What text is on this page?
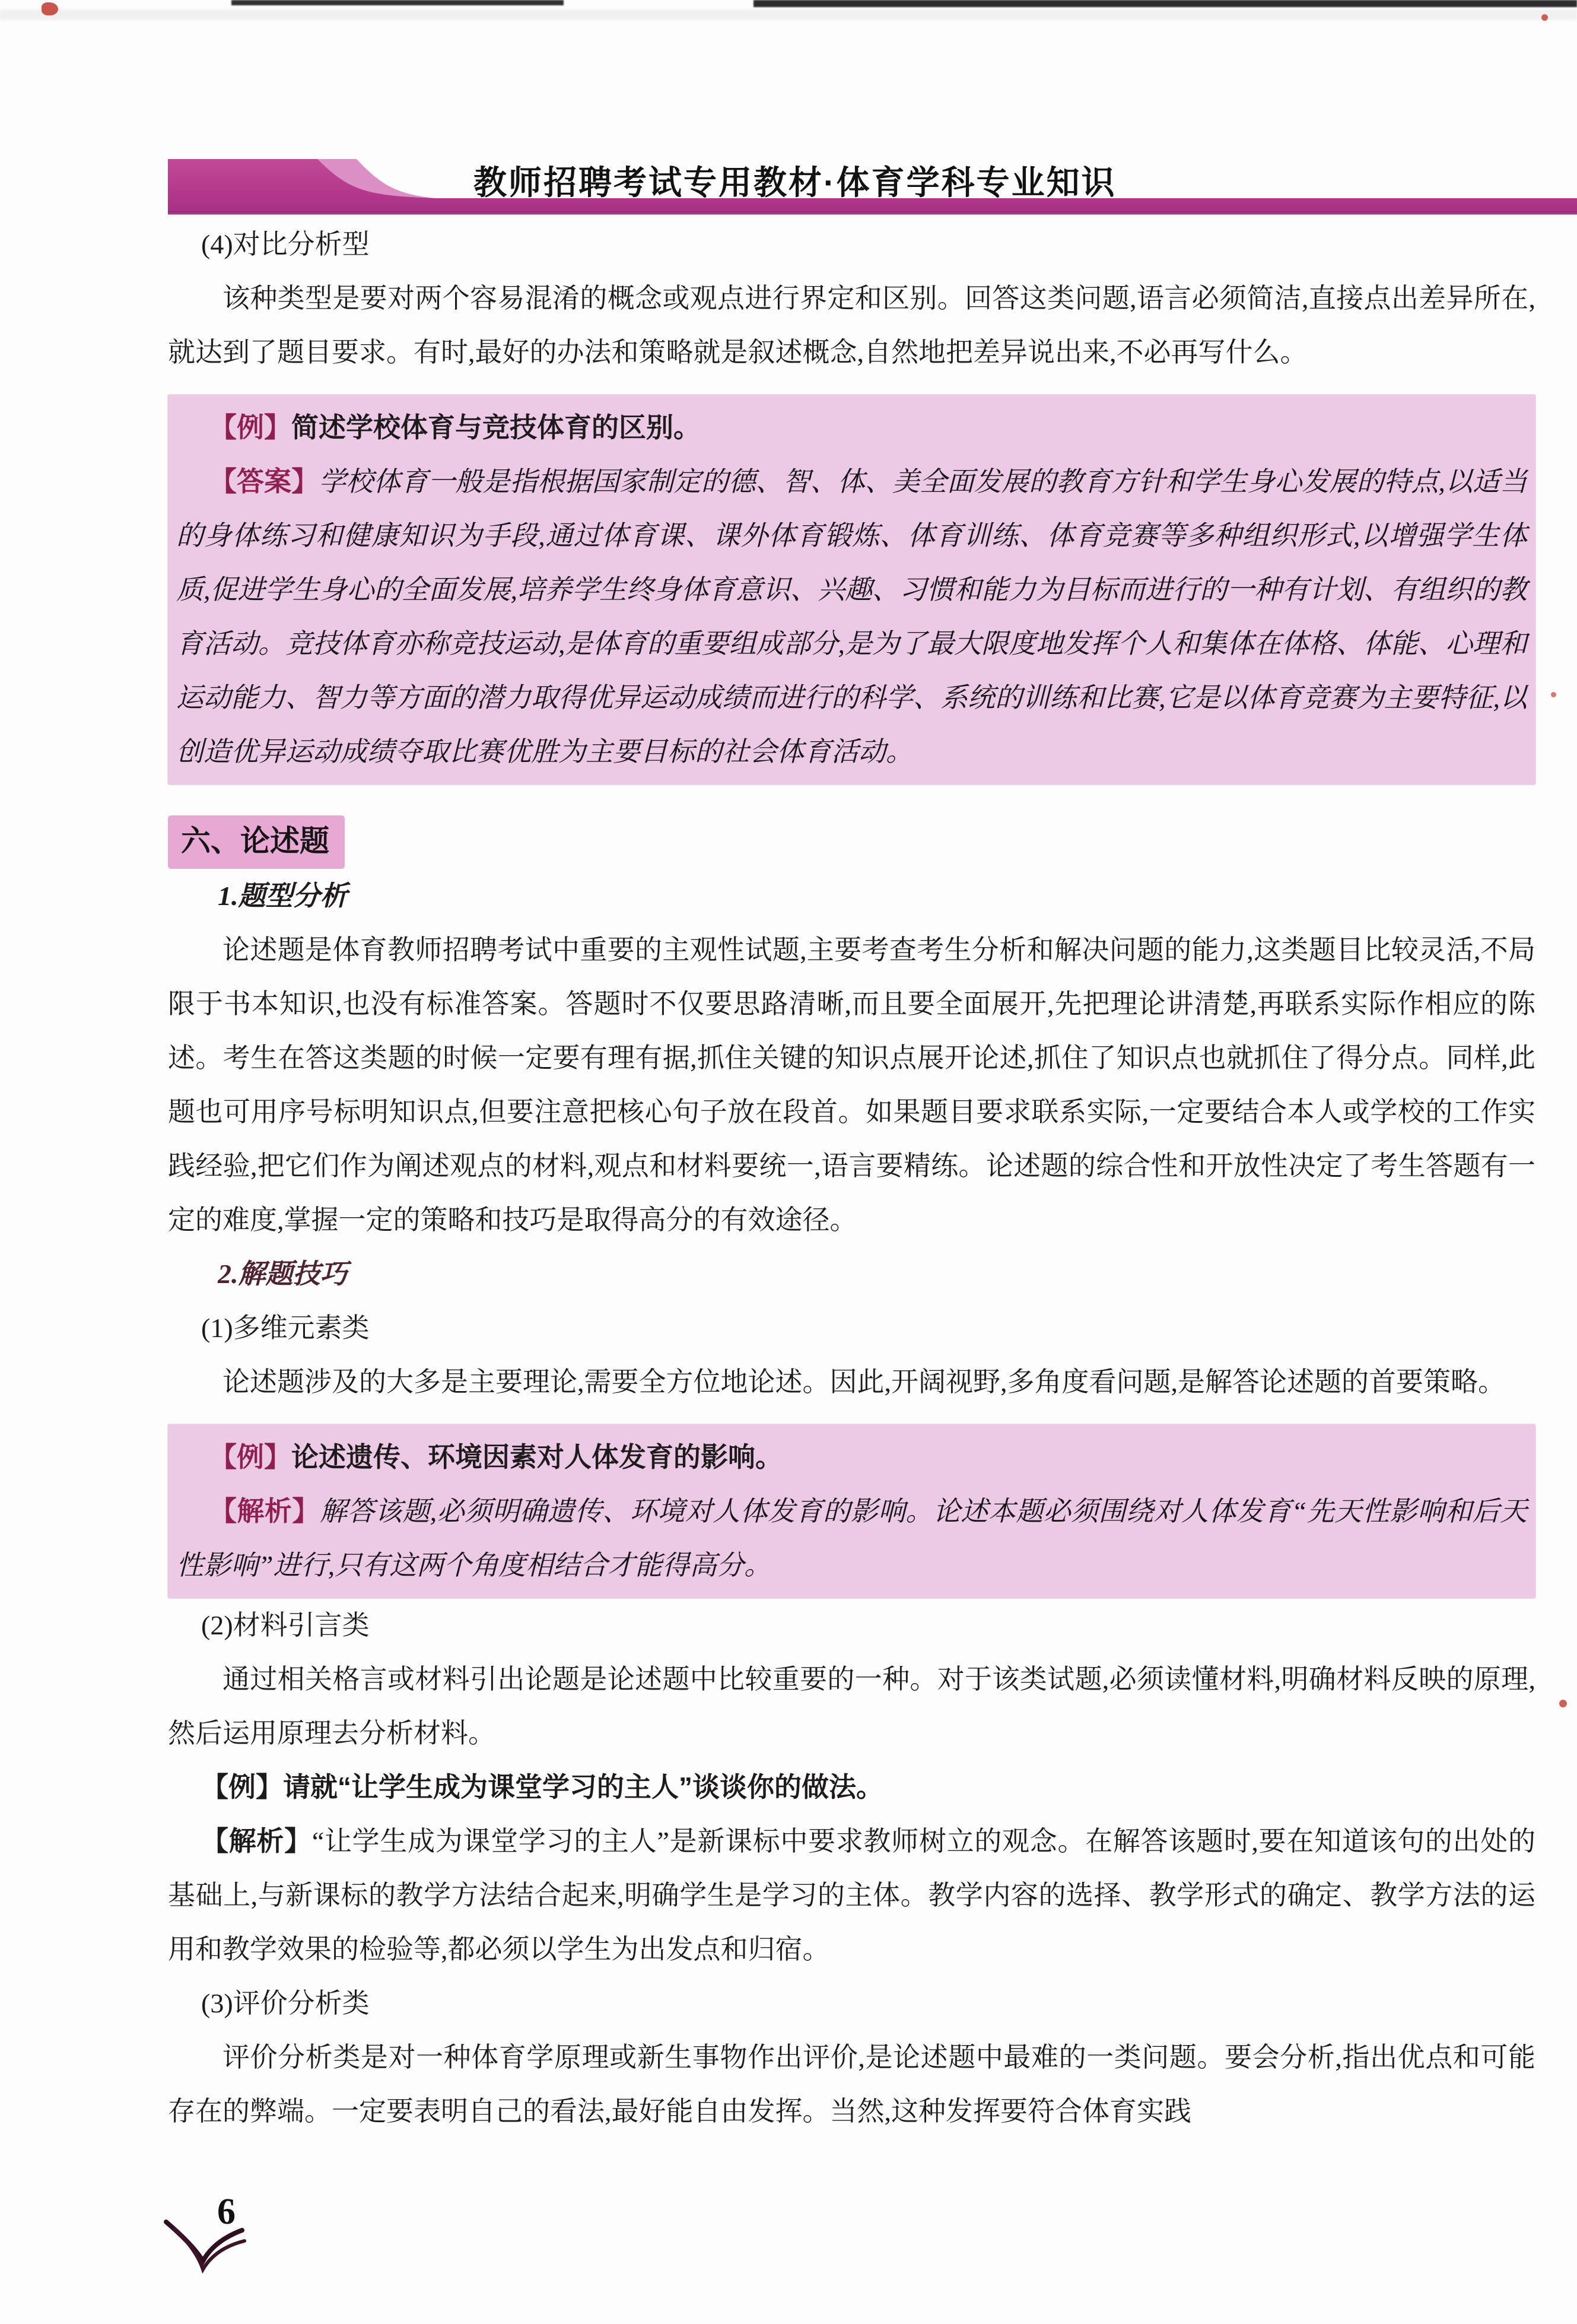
教师招聘考试专用教材·体育学科专业知识

(4)对比分析型

该种类型是要对两个容易混淆的概念或观点进行界定和区别。回答这类问题,语言必须简洁,直接点出差异所在,就达到了题目要求。有时,最好的办法和策略就是叙述概念,自然地把差异说出来,不必再写什么。

【例】简述学校体育与竞技体育的区别。

【答案】学校体育一般是指根据国家制定的德、智、体、美全面发展的教育方针和学生身心发展的特点,以适当的身体练习和健康知识为手段,通过体育课、课外体育锻炼、体育训练、体育竞赛等多种组织形式,以增强学生体质,促进学生身心的全面发展,培养学生终身体育意识、兴趣、习惯和能力为目标而进行的一种有计划、有组织的教育活动。竞技体育亦称竞技运动,是体育的重要组成部分,是为了最大限度地发挥个人和集体在体格、体能、心理和运动能力、智力等方面的潜力取得优异运动成绩而进行的科学、系统的训练和比赛,它是以体育竞赛为主要特征,以创造优异运动成绩夺取比赛优胜为主要目标的社会体育活动。

六、论述题

1.题型分析

论述题是体育教师招聘考试中重要的主观性试题,主要考查考生分析和解决问题的能力,这类题目比较灵活,不局限于书本知识,也没有标准答案。答题时不仅要思路清晰,而且要全面展开,先把理论讲清楚,再联系实际作相应的陈述。考生在答这类题的时候一定要有理有据,抓住关键的知识点展开论述,抓住了知识点也就抓住了得分点。同样,此题也可用序号标明知识点,但要注意把核心句子放在段首。如果题目要求联系实际,一定要结合本人或学校的工作实践经验,把它们作为阐述观点的材料,观点和材料要统一,语言要精练。论述题的综合性和开放性决定了考生答题有一定的难度,掌握一定的策略和技巧是取得高分的有效途径。

2.解题技巧

(1)多维元素类

论述题涉及的大多是主要理论,需要全方位地论述。因此,开阔视野,多角度看问题,是解答论述题的首要策略。

【例】论述遗传、环境因素对人体发育的影响。

【解析】解答该题,必须明确遗传、环境对人体发育的影响。论述本题必须围绕对人体发育“先天性影响和后天性影响”进行,只有这两个角度相结合才能得高分。

(2)材料引言类

通过相关格言或材料引出论题是论述题中比较重要的一种。对于该类试题,必须读懂材料,明确材料反映的原理,然后运用原理去分析材料。

【例】请就“让学生成为课堂学习的主人”谈谈你的做法。

【解析】“让学生成为课堂学习的主人”是新课标中要求教师树立的观念。在解答该题时,要在知道该句的出处的基础上,与新课标的教学方法结合起来,明确学生是学习的主体。教学内容的选择、教学形式的确定、教学方法的运用和教学效果的检验等,都必须以学生为出发点和归宿。

(3)评价分析类

评价分析类是对一种体育学原理或新生事物作出评价,是论述题中最难的一类问题。要会分析,指出优点和可能存在的弊端。一定要表明自己的看法,最好能自由发挥。当然,这种发挥要符合体育实践

6
